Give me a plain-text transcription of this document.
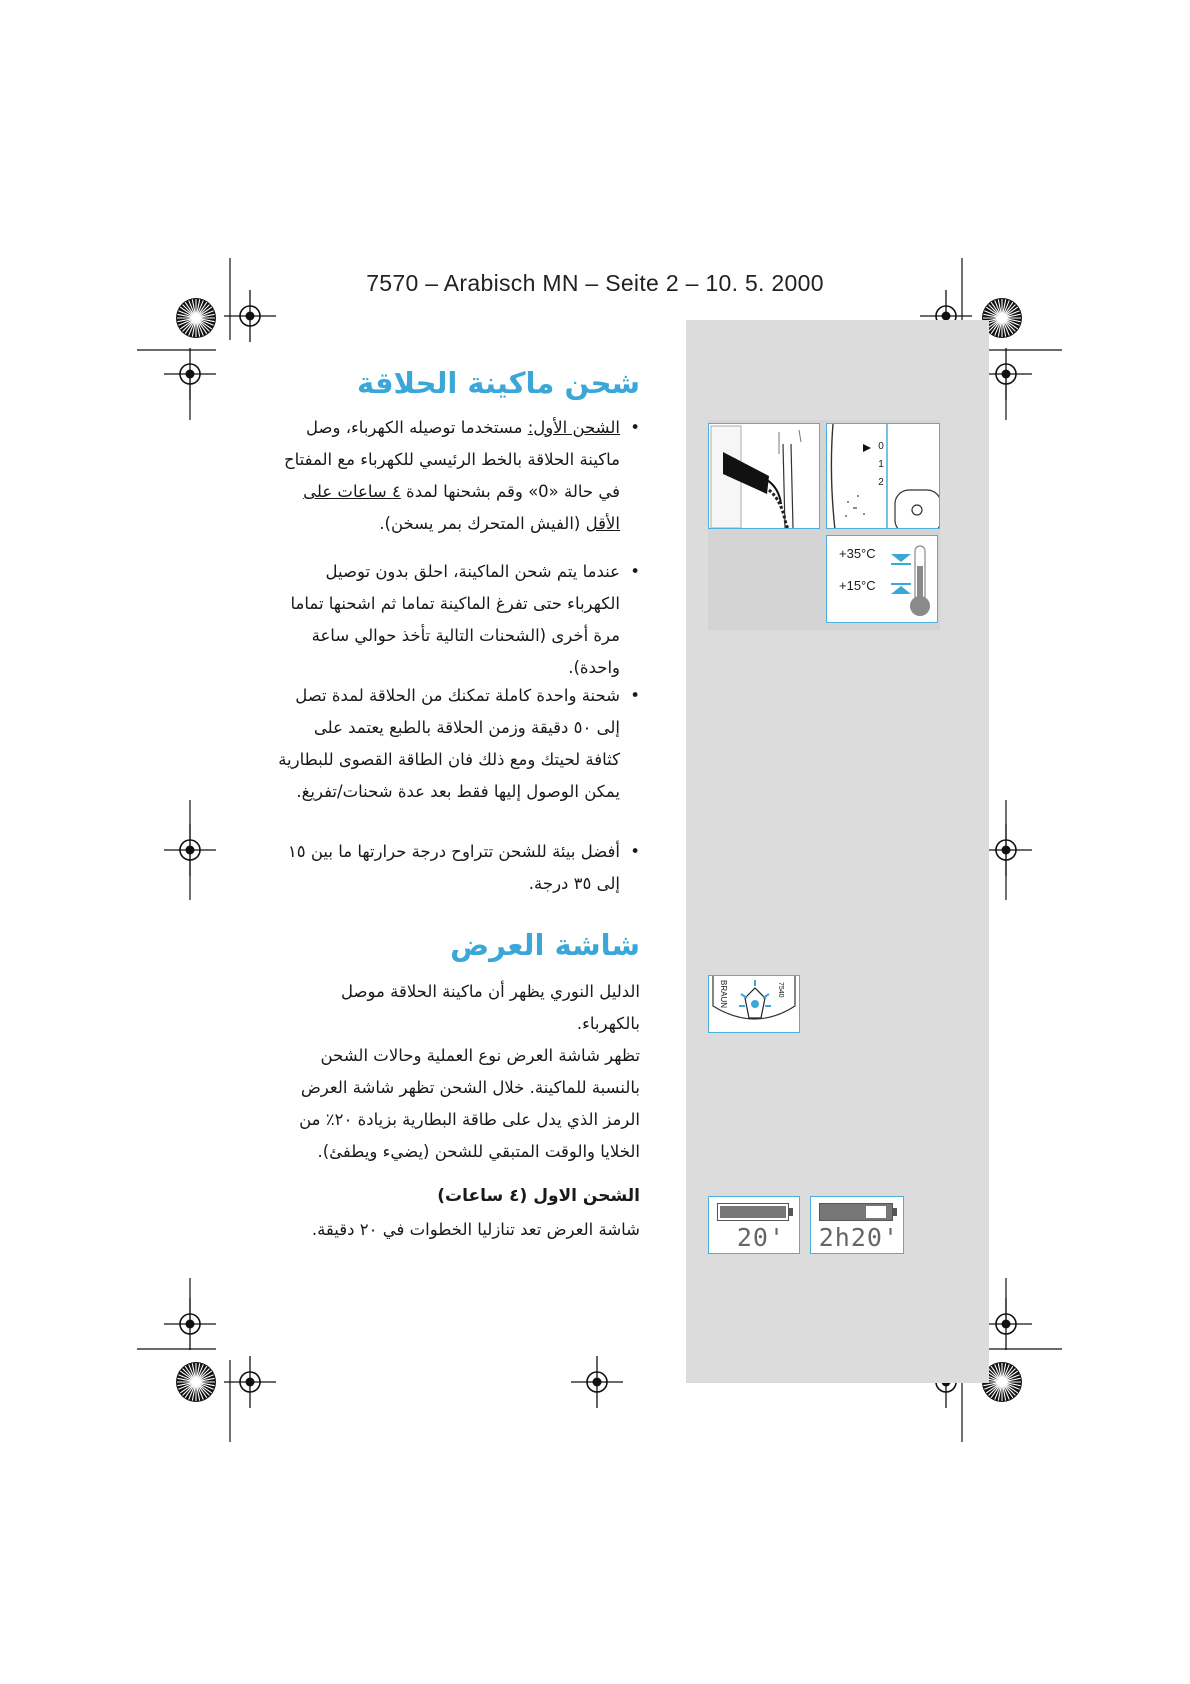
7570 – Arabisch MN – Seite 2 – 10. 5. 2000
شحن ماكينة الحلاقة

• الشحن الأول: مستخدما توصيله الكهرباء، وصل ماكينة الحلاقة بالخط الرئيسي للكهرباء مع المفتاح في حالة «0» وقم بشحنها لمدة ٤ ساعات على الأقل (الفيش المتحرك بمر يسخن).

• عندما يتم شحن الماكينة، احلق بدون توصيل الكهرباء حتى تفرغ الماكينة تماما ثم اشحنها تماما مرة أخرى (الشحنات التالية تأخذ حوالي ساعة واحدة).

• شحنة واحدة كاملة تمكنك من الحلاقة لمدة تصل إلى ٥٠ دقيقة وزمن الحلاقة بالطبع يعتمد على كثافة لحيتك ومع ذلك فان الطاقة القصوى للبطارية يمكن الوصول إليها فقط بعد عدة شحنات/تفريغ.

• أفضل بيئة للشحن تتراوح درجة حرارتها ما بين ١٥ إلى ٣٥ درجة.

شاشة العرض

الدليل النوري يظهر أن ماكينة الحلاقة موصل بالكهرباء.

تظهر شاشة العرض نوع العملية وحالات الشحن بالنسبة للماكينة. خلال الشحن تظهر شاشة العرض الرمز الذي يدل على طاقة البطارية بزيادة ٢٠٪ من الخلايا والوقت المتبقي للشحن (يضيء ويطفئ).

الشحن الاول (٤ ساعات)

شاشة العرض تعد تنازليا الخطوات في ٢٠ دقيقة.

0
1
2
+35°C
+15°C
BRAUN	7540
20' 2h20'
